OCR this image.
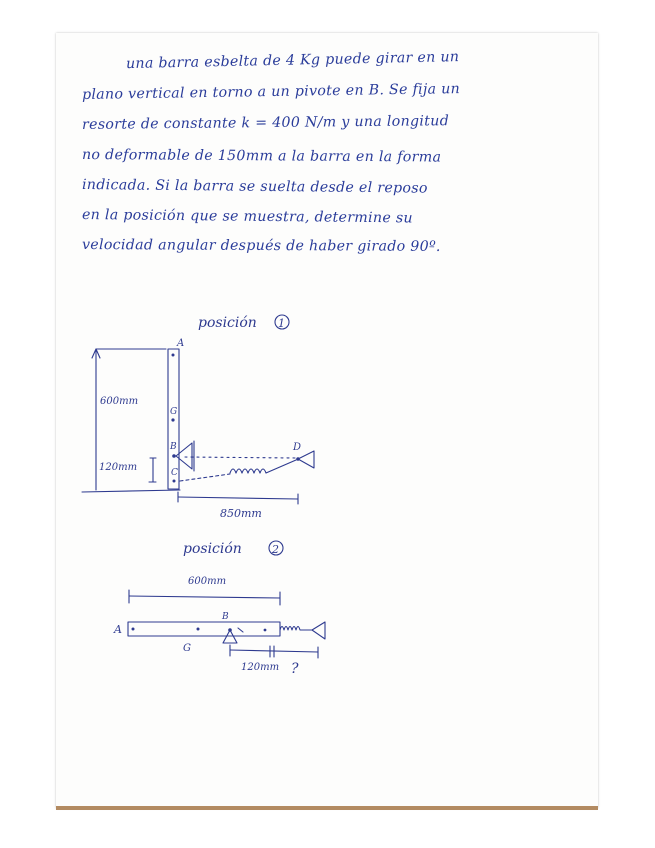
una barra esbelta de 4 Kg puede girar en un
plano vertical en torno a un pivote en B. Se fija un
resorte de constante k = 400 N/m y una longitud
no deformable de 150mm a la barra en la forma
indicada. Si la barra se suelta desde el reposo
en la posición que se muestra, determine su
velocidad angular después de haber girado 90º.
posición 1
A
G
B
C
D
600mm
120mm
850mm
posición	2
600mm
A
G
B
120mm ?
